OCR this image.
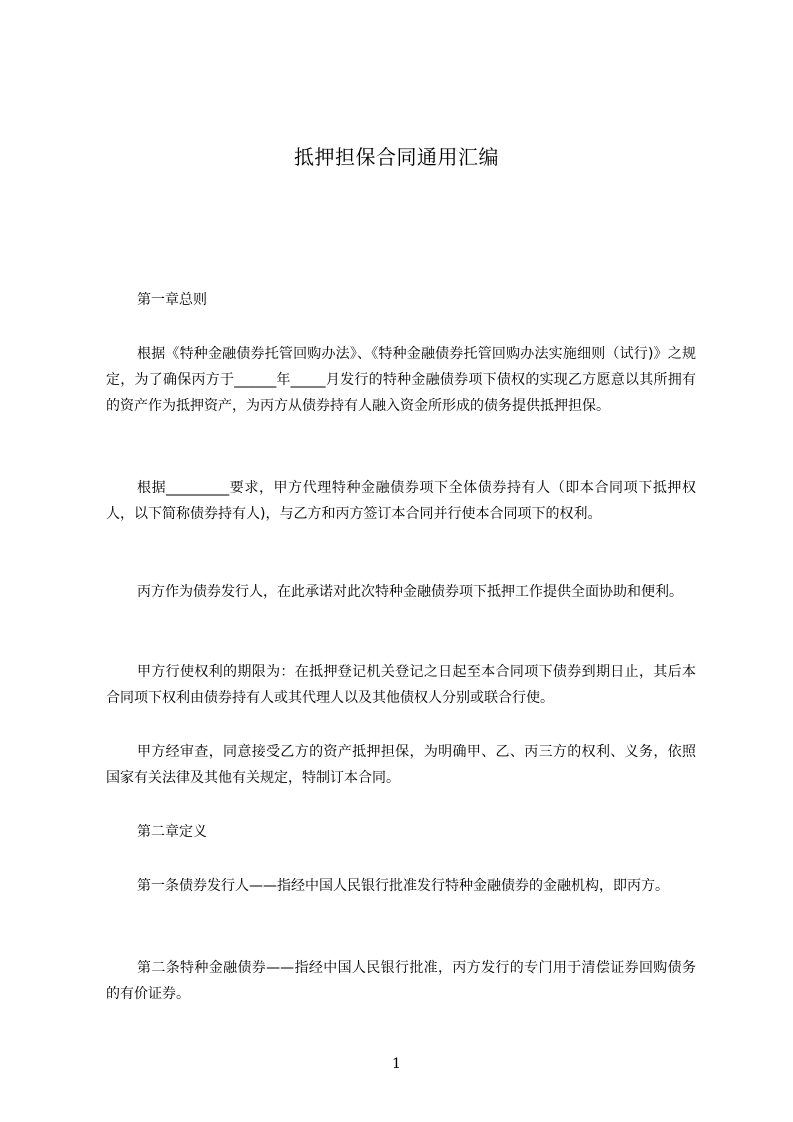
抵押担保合同通用汇编
第一章总则
根据《特种金融债券托管回购办法》、《特种金融债券托管回购办法实施细则（试行)》之规定，为了确保丙方于______年_____月发行的特种金融债券项下债权的实现乙方愿意以其所拥有的资产作为抵押资产，为丙方从债券持有人融入资金所形成的债务提供抵押担保。
根据_________要求，甲方代理特种金融债券项下全体债券持有人（即本合同项下抵押权人，以下简称债券持有人)，与乙方和丙方签订本合同并行使本合同项下的权利。
丙方作为债券发行人，在此承诺对此次特种金融债券项下抵押工作提供全面协助和便利。
甲方行使权利的期限为：在抵押登记机关登记之日起至本合同项下债券到期日止，其后本合同项下权利由债券持有人或其代理人以及其他债权人分别或联合行使。
甲方经审查，同意接受乙方的资产抵押担保，为明确甲、乙、丙三方的权利、义务，依照国家有关法律及其他有关规定，特制订本合同。
第二章定义
第一条债券发行人——指经中国人民银行批准发行特种金融债券的金融机构，即丙方。
第二条特种金融债券——指经中国人民银行批准，丙方发行的专门用于清偿证券回购债务的有价证券。
1
